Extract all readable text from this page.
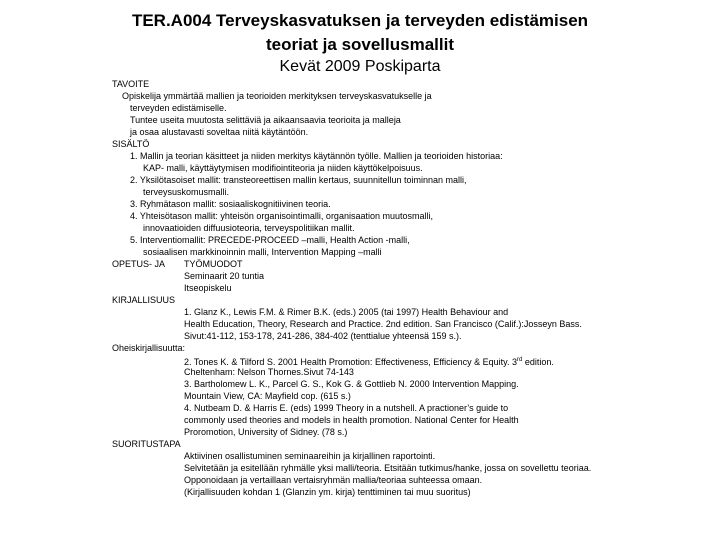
TER.A004 Terveyskasvatuksen ja terveyden edistämisen
teoriat ja sovellusmallit
Kevät 2009 Poskiparta
TAVOITE
Opiskelija ymmärtää mallien ja teorioiden merkityksen terveyskasvatukselle ja
terveyden edistämiselle.
Tuntee useita muutosta selittäviä ja aikaansaavia teorioita ja malleja
ja osaa alustavasti soveltaa niitä käytäntöön.
SISÄLTÖ
1. Mallin ja teorian käsitteet ja niiden merkitys käytännön työlle. Mallien ja teorioiden historiaa:
KAP- malli, käyttäytymisen modifiointiteoria ja niiden käyttökelpoisuus.
2. Yksilötasoiset mallit: transteoreettisen mallin kertaus, suunnitellun toiminnan malli,
terveysuskomusmalli.
3. Ryhmätason mallit: sosiaaliskognitiivinen teoria.
4. Yhteisötason mallit: yhteisön organisointimalli, organisaation muutosmalli,
innovaatioiden diffuusioteoria, terveyspolitiikan mallit.
5. Interventiomallit: PRECEDE-PROCEED –malli, Health Action -malli,
sosiaalisen markkinoinnin malli, Intervention Mapping –malli
OPETUS- JA TYÖMUODOT
Seminaarit 20 tuntia
Itseopiskelu
KIRJALLISUUS
1. Glanz K., Lewis F.M. & Rimer B.K. (eds.) 2005 (tai 1997) Health Behaviour and
Health Education, Theory, Research and Practice. 2nd edition. San Francisco (Calif.):Josseyn Bass.
Sivut:41-112, 153-178, 241-286, 384-402 (tenttialue yhteensä 159 s.).
Oheiskirjallisuutta:
2. Tones K. & Tilford S. 2001 Health Promotion: Effectiveness, Efficiency & Equity. 3rd edition.
Cheltenham: Nelson Thornes.Sivut 74-143
3. Bartholomew L. K., Parcel G. S., Kok G. & Gottlieb N. 2000 Intervention Mapping.
Mountain View, CA: Mayfield cop. (615 s.)
4. Nutbeam D. & Harris E. (eds) 1999 Theory in a nutshell. A practioner’s guide to
commonly used theories and models in health promotion. National Center for Health
Proromotion, University of Sidney. (78 s.)
SUORITUSTAPA
Aktiivinen osallistuminen seminaareihin ja kirjallinen raportointi.
Selvitetään ja esitellään ryhmälle yksi malli/teoria. Etsitään tutkimus/hanke, jossa on sovellettu teoriaa.
Opponoidaan ja vertaillaan vertaisryhmän mallia/teoriaa suhteessa omaan.
(Kirjallisuuden kohdan 1 (Glanzin ym. kirja) tenttiminen tai muu suoritus)
